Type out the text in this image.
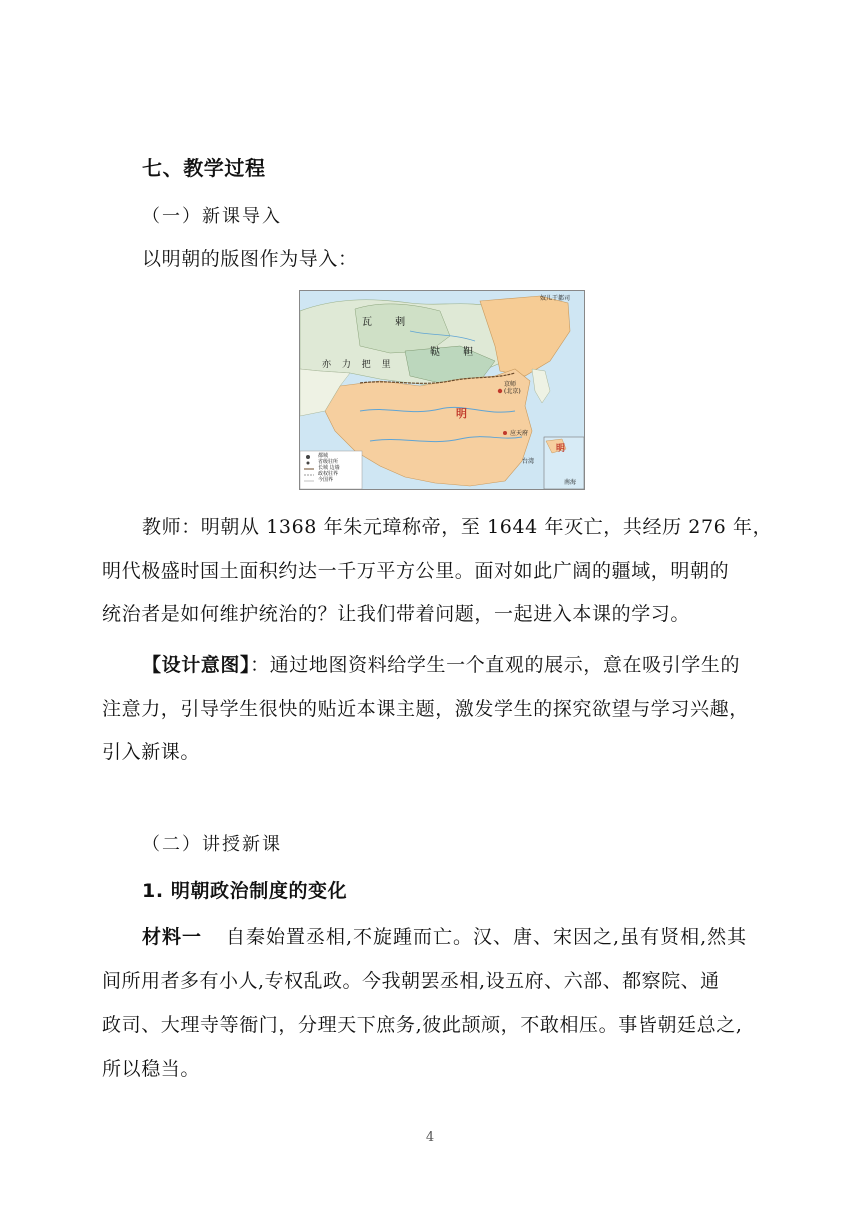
七、教学过程
（一）新课导入
以明朝的版图作为导入：
瓦 剌
鞑 靼
亦 力 把 里
明
京师
(北京)
应天府
台湾
奴儿干都司
明
南海
都城
省级驻所
长城 边墙
政权驻界
今国界
教师：明朝从 1368 年朱元璋称帝，至 1644 年灭亡，共经历 276 年，
明代极盛时国土面积约达一千万平方公里。面对如此广阔的疆域，明朝的
统治者是如何维护统治的？让我们带着问题，一起进入本课的学习。
【设计意图】：通过地图资料给学生一个直观的展示，意在吸引学生的
注意力，引导学生很快的贴近本课主题，激发学生的探究欲望与学习兴趣，
引入新课。
（二）讲授新课
1. 明朝政治制度的变化
材料一 自秦始置丞相,不旋踵而亡。汉、唐、宋因之,虽有贤相,然其
间所用者多有小人,专权乱政。今我朝罢丞相,设五府、六部、都察院、通
政司、大理寺等衙门，分理天下庶务,彼此颉颃，不敢相压。事皆朝廷总之,
所以稳当。
4
